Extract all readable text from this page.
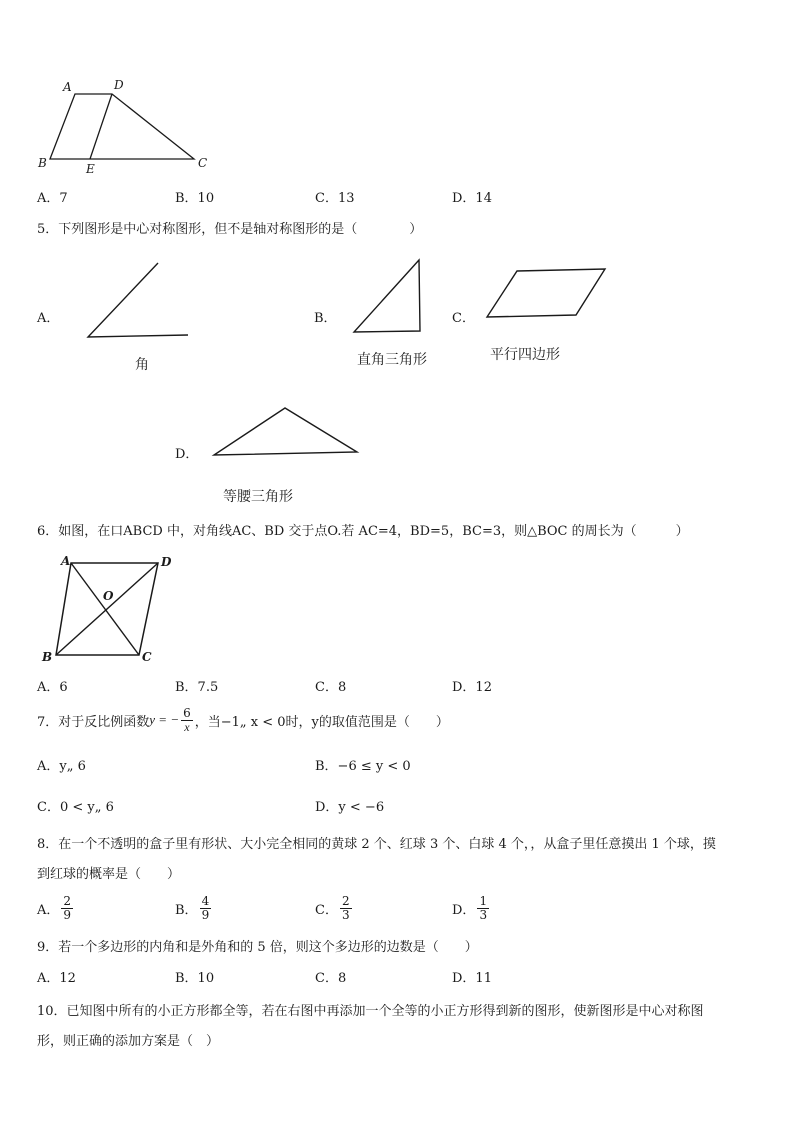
A	D
B	E	C
A．7	B．10	C．13	D．14
5．下列图形是中心对称图形，但不是轴对称图形的是（　　　　）
A．	B．	C．
D．
角	直角三角形	平行四边形
等腰三角形
6．如图，在口ABCD 中，对角线AC、BD 交于点O.若 AC=4，BD=5，BC=3，则△BOC 的周长为（　　　）
A	D
O
B	C
A．6	B．7.5	C．8	D．12
7．对于反比例函数 y = − $\frac{6}{x}$ ，当−1„ x < 0时，y的取值范围是（　　）
A．y„ 6	B．−6 ≤ y < 0
C．0 < y„ 6	D．y < −6
8．在一个不透明的盒子里有形状、大小完全相同的黄球 2 个、红球 3 个、白球 4 个，，从盒子里任意摸出 1 个球，摸
到红球的概率是（　　）
A． $\frac{2}{9}$	B． $\frac{4}{9}$	C． $\frac{2}{3}$	D． $\frac{1}{3}$
9．若一个多边形的内角和是外角和的 5 倍，则这个多边形的边数是（　　）
A．12	B．10	C．8	D．11
10．已知图中所有的小正方形都全等，若在右图中再添加一个全等的小正方形得到新的图形，使新图形是中心对称图
形，则正确的添加方案是（　）
